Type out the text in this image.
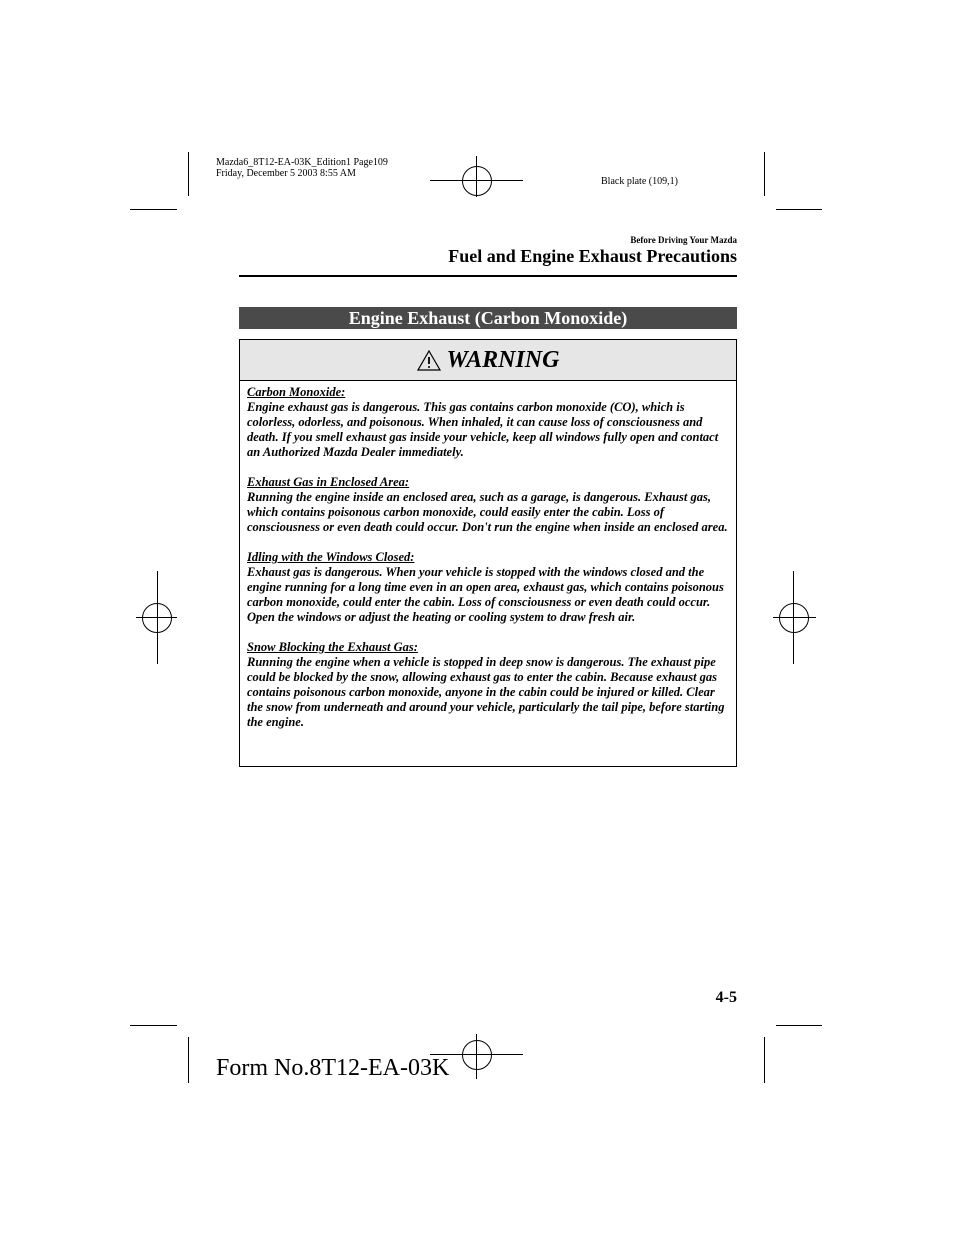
Mazda6_8T12-EA-03K_Edition1 Page109
Friday, December 5 2003 8:55 AM
Black plate (109,1)
Before Driving Your Mazda
Fuel and Engine Exhaust Precautions
Engine Exhaust (Carbon Monoxide)
WARNING
Carbon Monoxide:
Engine exhaust gas is dangerous. This gas contains carbon monoxide (CO), which is colorless, odorless, and poisonous. When inhaled, it can cause loss of consciousness and death. If you smell exhaust gas inside your vehicle, keep all windows fully open and contact an Authorized Mazda Dealer immediately.
Exhaust Gas in Enclosed Area:
Running the engine inside an enclosed area, such as a garage, is dangerous. Exhaust gas, which contains poisonous carbon monoxide, could easily enter the cabin. Loss of consciousness or even death could occur. Don't run the engine when inside an enclosed area.
Idling with the Windows Closed:
Exhaust gas is dangerous. When your vehicle is stopped with the windows closed and the engine running for a long time even in an open area, exhaust gas, which contains poisonous carbon monoxide, could enter the cabin. Loss of consciousness or even death could occur. Open the windows or adjust the heating or cooling system to draw fresh air.
Snow Blocking the Exhaust Gas:
Running the engine when a vehicle is stopped in deep snow is dangerous. The exhaust pipe could be blocked by the snow, allowing exhaust gas to enter the cabin. Because exhaust gas contains poisonous carbon monoxide, anyone in the cabin could be injured or killed. Clear the snow from underneath and around your vehicle, particularly the tail pipe, before starting the engine.
4-5
Form No.8T12-EA-03K
